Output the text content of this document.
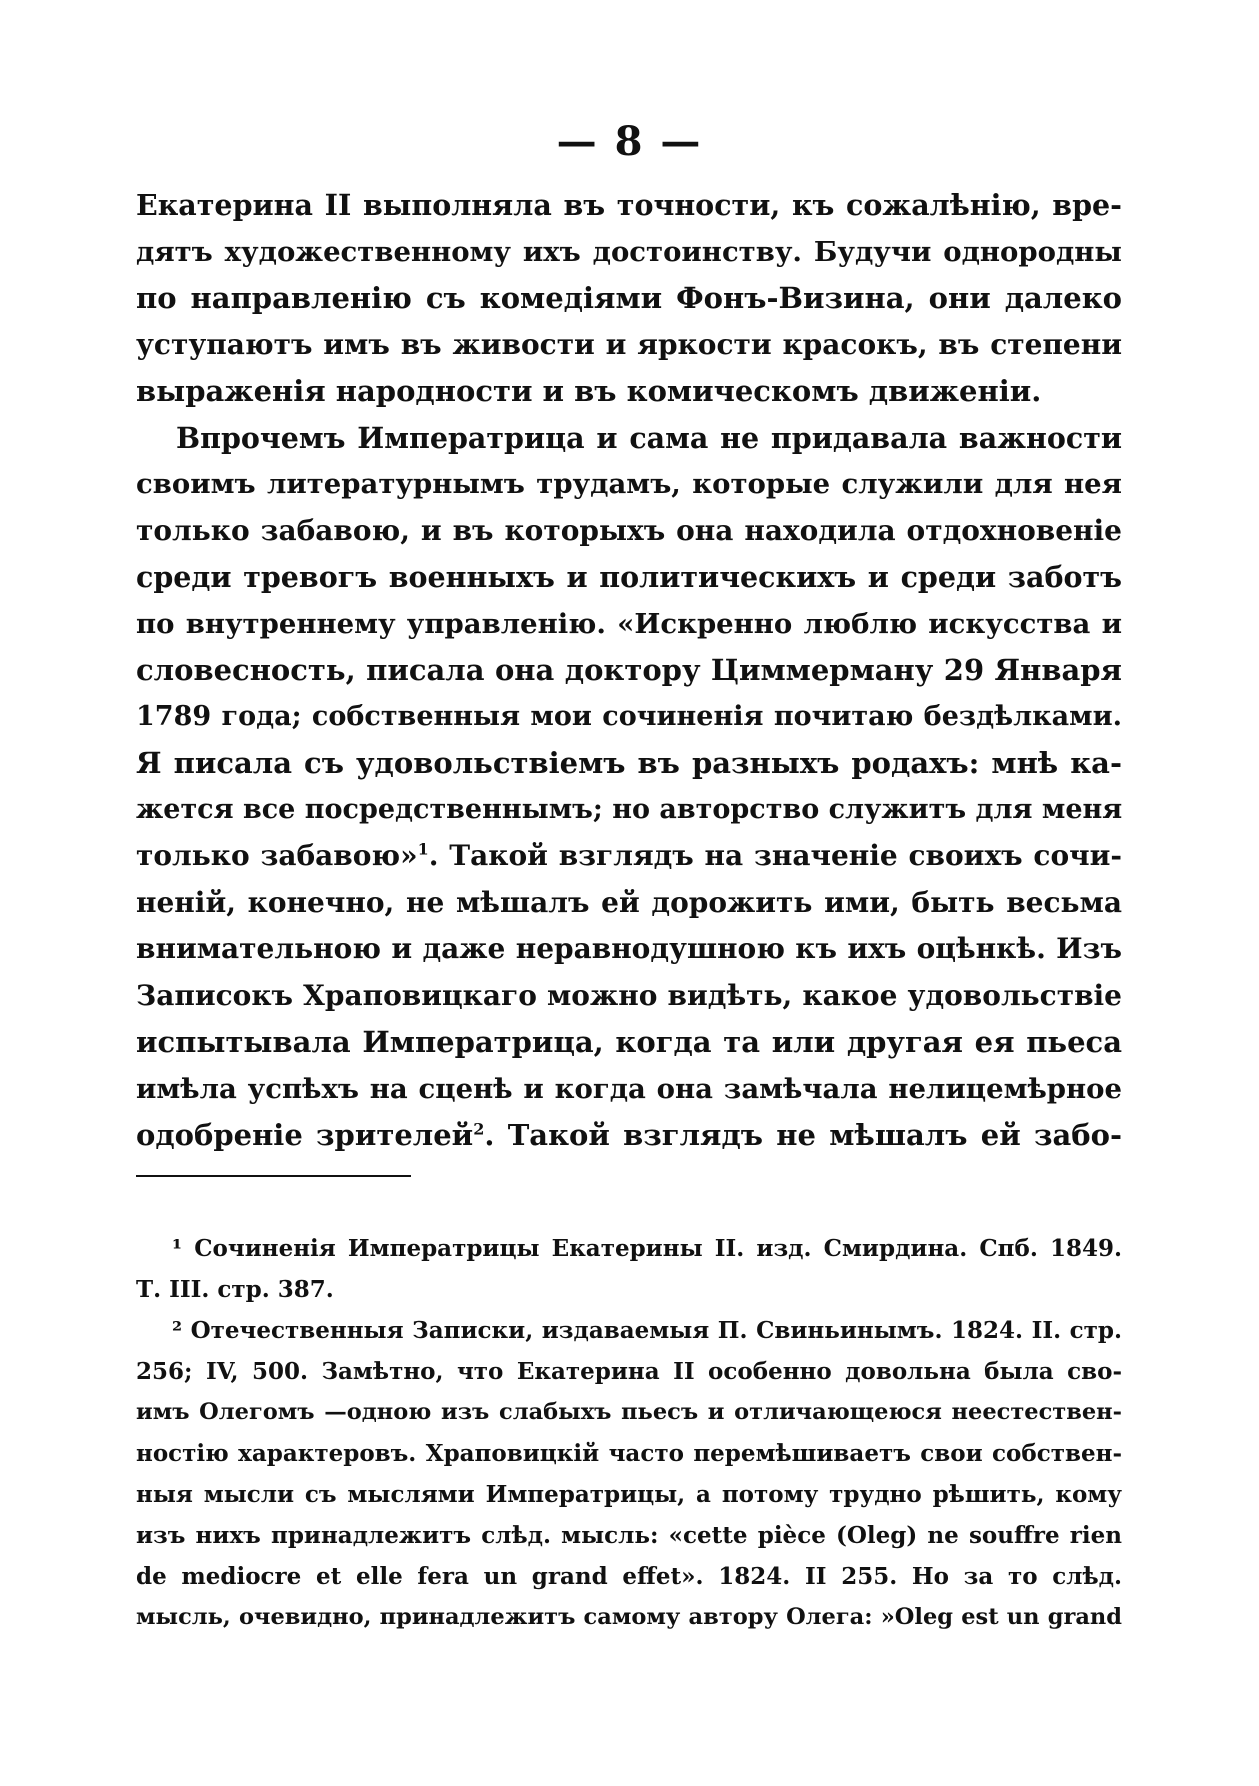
— 8 —
Екатерина II выполняла въ точности, къ сожалѣнію, вре-
дятъ художественному ихъ достоинству. Будучи однородны
по направленію съ комедіями Фонъ-Визина, они далеко
уступаютъ имъ въ живости и яркости красокъ, въ степени
выраженія народности и въ комическомъ движеніи.
Впрочемъ Императрица и сама не придавала важности
своимъ литературнымъ трудамъ, которые служили для нея
только забавою, и въ которыхъ она находила отдохновеніе
среди тревогъ военныхъ и политическихъ и среди заботъ
по внутреннему управленію. «Искренно люблю искусства и
словесность, писала она доктору Циммерману 29 Января
1789 года; собственныя мои сочиненія почитаю бездѣлками.
Я писала съ удовольствіемъ въ разныхъ родахъ: мнѣ ка-
жется все посредственнымъ; но авторство служитъ для меня
только забавою»$^1$. Такой взглядъ на значеніе своихъ сочи-
неній, конечно, не мѣшалъ ей дорожить ими, быть весьма
внимательною и даже неравнодушною къ ихъ оцѣнкѣ. Изъ
Записокъ Храповицкаго можно видѣть, какое удовольствіе
испытывала Императрица, когда та или другая ея пьеса
имѣла успѣхъ на сценѣ и когда она замѣчала нелицемѣрное
одобреніе зрителей$^2$. Такой взглядъ не мѣшалъ ей забо-
¹ Сочиненія Императрицы Екатерины II. изд. Смирдина. Спб. 1849.
Т. III. стр. 387.
² Отечественныя Записки, издаваемыя П. Свиньинымъ. 1824. II. стр.
256; IV, 500. Замѣтно, что Екатерина II особенно довольна была сво-
имъ Олегомъ —одною изъ слабыхъ пьесъ и отличающеюся неестествен-
ностію характеровъ. Храповицкій часто перемѣшиваетъ свои собствен-
ныя мысли съ мыслями Императрицы, а потому трудно рѣшить, кому
изъ нихъ принадлежитъ слѣд. мысль: «cette pièce (Oleg) ne souffre rien
de mediocre et elle fera un grand effet». 1824. II 255. Но за то слѣд.
мысль, очевидно, принадлежитъ самому автору Олега: »Oleg est un grand
